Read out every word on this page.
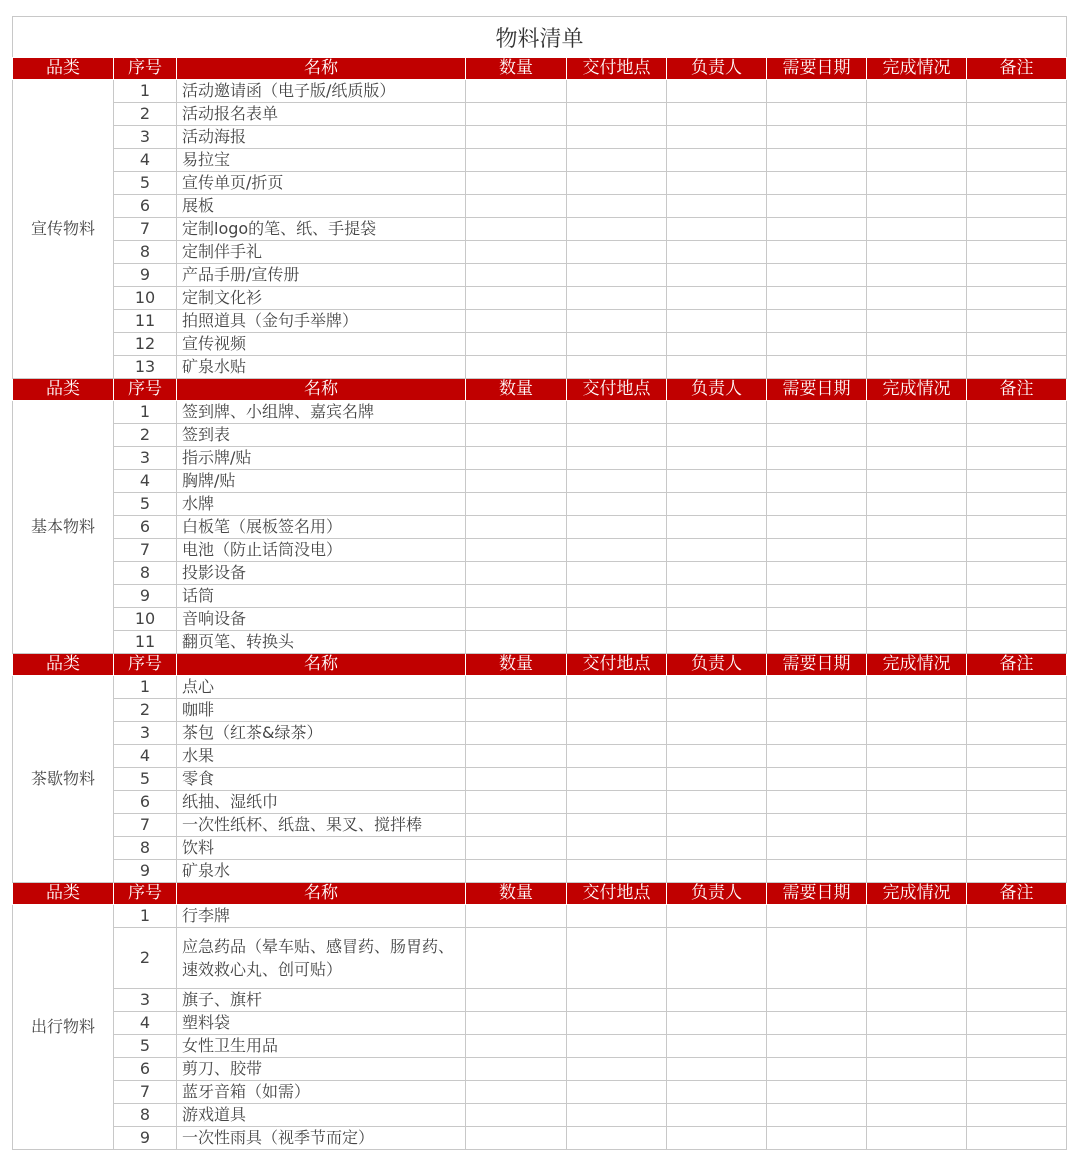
物料清单								
品类	序号	名称	数量	交付地点	负责人	需要日期	完成情况	备注
宣传物料	1	活动邀请函（电子版/纸质版）						
	2	活动报名表单						
	3	活动海报						
	4	易拉宝						
	5	宣传单页/折页						
	6	展板						
	7	定制logo的笔、纸、手提袋						
	8	定制伴手礼						
	9	产品手册/宣传册						
	10	定制文化衫						
	11	拍照道具（金句手举牌）						
	12	宣传视频						
	13	矿泉水贴						
品类	序号	名称	数量	交付地点	负责人	需要日期	完成情况	备注
基本物料	1	签到牌、小组牌、嘉宾名牌						
	2	签到表						
	3	指示牌/贴						
	4	胸牌/贴						
	5	水牌						
	6	白板笔（展板签名用）						
	7	电池（防止话筒没电）						
	8	投影设备						
	9	话筒						
	10	音响设备						
	11	翻页笔、转换头						
品类	序号	名称	数量	交付地点	负责人	需要日期	完成情况	备注
茶歇物料	1	点心						
	2	咖啡						
	3	茶包（红茶&绿茶）						
	4	水果						
	5	零食						
	6	纸抽、湿纸巾						
	7	一次性纸杯、纸盘、果叉、搅拌棒						
	8	饮料						
	9	矿泉水						
品类	序号	名称	数量	交付地点	负责人	需要日期	完成情况	备注
出行物料	1	行李牌						
	2	应急药品（晕车贴、感冒药、肠胃药、速效救心丸、创可贴）						
	3	旗子、旗杆						
	4	塑料袋						
	5	女性卫生用品						
	6	剪刀、胶带						
	7	蓝牙音箱（如需）						
	8	游戏道具						
	9	一次性雨具（视季节而定）						
